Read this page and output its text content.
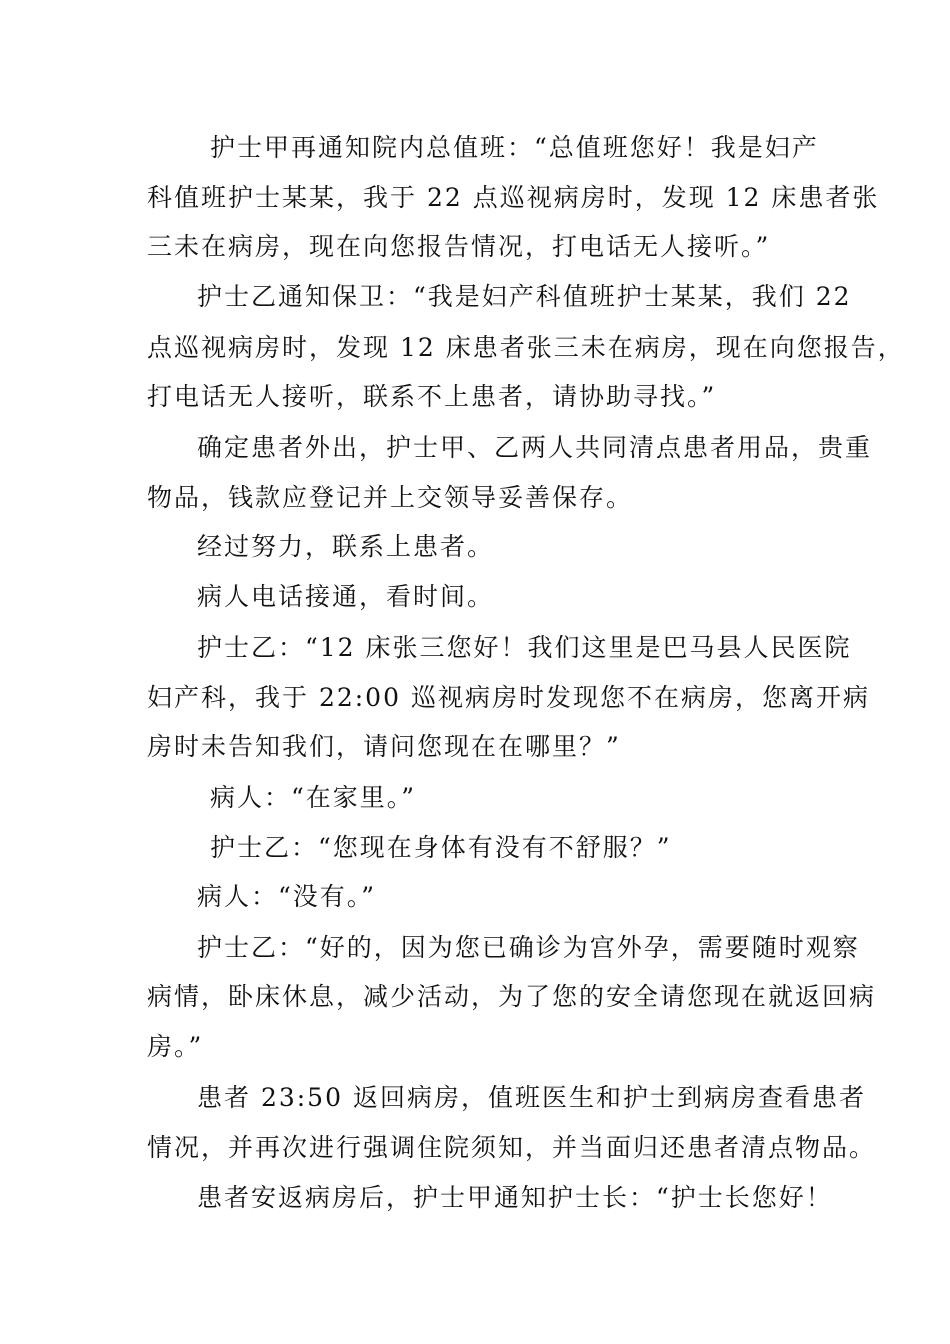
护士甲再通知院内总值班：“总值班您好！我是妇产
科值班护士某某，我于 22 点巡视病房时，发现 12 床患者张
三未在病房，现在向您报告情况，打电话无人接听。”
护士乙通知保卫：“我是妇产科值班护士某某，我们 22
点巡视病房时，发现 12 床患者张三未在病房，现在向您报告，
打电话无人接听，联系不上患者，请协助寻找。”
确定患者外出，护士甲、乙两人共同清点患者用品，贵重
物品，钱款应登记并上交领导妥善保存。
经过努力，联系上患者。
病人电话接通，看时间。
护士乙：“12 床张三您好！我们这里是巴马县人民医院
妇产科，我于 22:00 巡视病房时发现您不在病房，您离开病
房时未告知我们，请问您现在在哪里？”
病人：“在家里。”
护士乙：“您现在身体有没有不舒服？”
病人：“没有。”
护士乙：“好的，因为您已确诊为宫外孕，需要随时观察
病情，卧床休息，减少活动，为了您的安全请您现在就返回病
房。”
患者 23:50 返回病房，值班医生和护士到病房查看患者
情况，并再次进行强调住院须知，并当面归还患者清点物品。
患者安返病房后，护士甲通知护士长：“护士长您好！
